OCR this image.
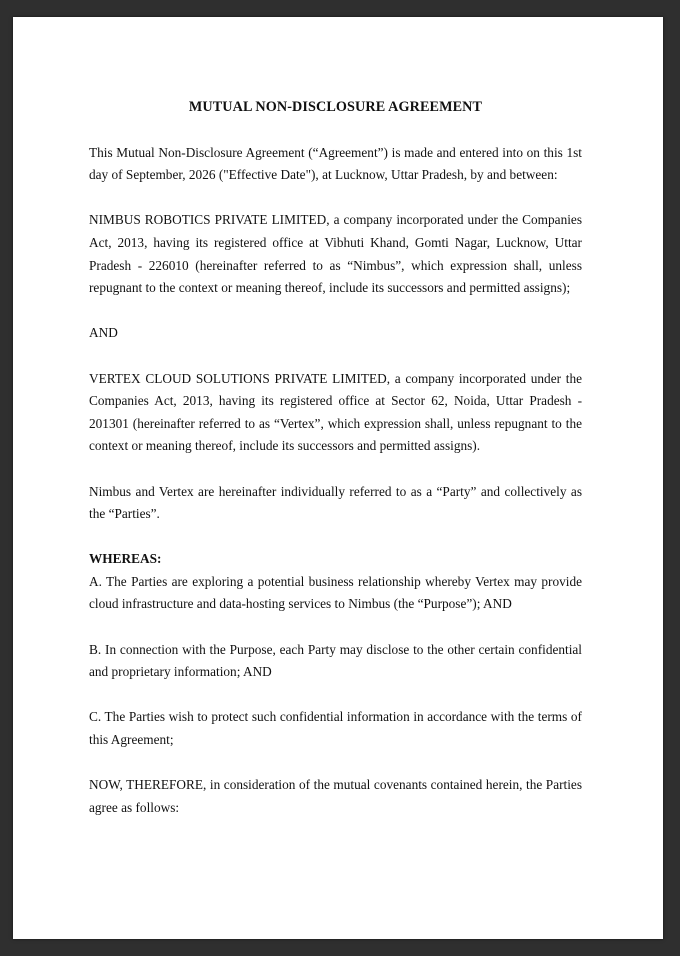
MUTUAL NON-DISCLOSURE AGREEMENT

This Mutual Non-Disclosure Agreement (“Agreement”) is made and entered into on this 1st day of September, 2026 ("Effective Date"), at Lucknow, Uttar Pradesh, by and between:

NIMBUS ROBOTICS PRIVATE LIMITED, a company incorporated under the Companies Act, 2013, having its registered office at Vibhuti Khand, Gomti Nagar, Lucknow, Uttar Pradesh - 226010 (hereinafter referred to as “Nimbus”, which expression shall, unless repugnant to the context or meaning thereof, include its successors and permitted assigns);

AND

VERTEX CLOUD SOLUTIONS PRIVATE LIMITED, a company incorporated under the Companies Act, 2013, having its registered office at Sector 62, Noida, Uttar Pradesh - 201301 (hereinafter referred to as “Vertex”, which expression shall, unless repugnant to the context or meaning thereof, include its successors and permitted assigns).

Nimbus and Vertex are hereinafter individually referred to as a “Party” and collectively as the “Parties”.

WHEREAS:

A. The Parties are exploring a potential business relationship whereby Vertex may provide cloud infrastructure and data-hosting services to Nimbus (the “Purpose”); AND

B. In connection with the Purpose, each Party may disclose to the other certain confidential and proprietary information; AND

C. The Parties wish to protect such confidential information in accordance with the terms of this Agreement;

NOW, THEREFORE, in consideration of the mutual covenants contained herein, the Parties agree as follows:
